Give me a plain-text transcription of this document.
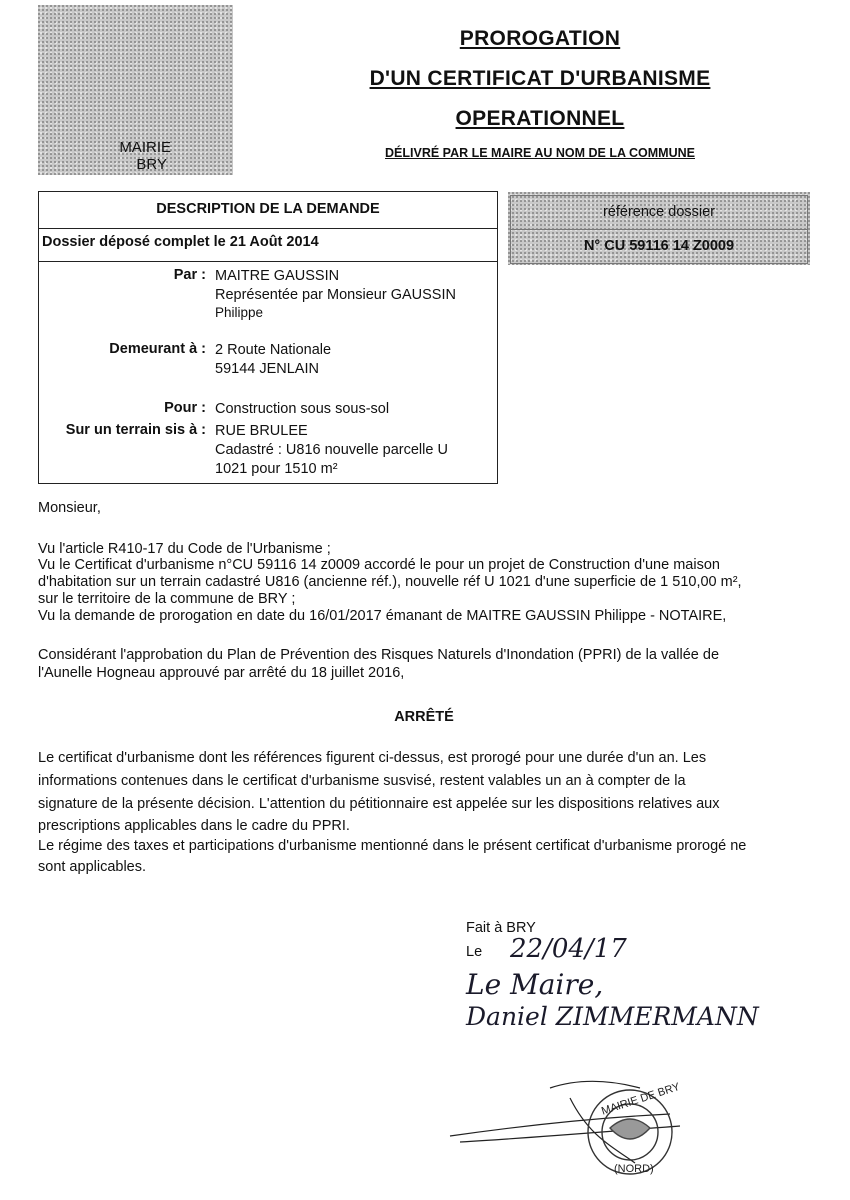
MAIRIE
BRY
PROROGATION
D'UN CERTIFICAT D'URBANISME
OPERATIONNEL
DÉLIVRÉ PAR LE MAIRE AU NOM DE LA COMMUNE
DESCRIPTION DE LA DEMANDE
Dossier déposé complet le 21 Août 2014
Par : MAITRE GAUSSIN
Représentée par Monsieur GAUSSIN
Philippe
Demeurant à : 2 Route Nationale
59144 JENLAIN
Pour : Construction sous sous-sol
Sur un terrain sis à : RUE BRULEE
Cadastré : U816 nouvelle parcelle U
1021 pour 1510 m²
référence dossier
N° CU 59116 14 Z0009
Monsieur,
Vu l'article R410-17 du Code de l'Urbanisme ;
Vu le Certificat d'urbanisme n°CU 59116 14 z0009 accordé le pour un projet de Construction d'une maison
d'habitation sur un terrain cadastré U816 (ancienne réf.), nouvelle réf U 1021 d'une superficie de 1 510,00 m²,
sur le territoire de la commune de BRY ;
Vu la demande de prorogation en date du 16/01/2017 émanant de MAITRE GAUSSIN Philippe - NOTAIRE,
Considérant l'approbation du Plan de Prévention des Risques Naturels d'Inondation (PPRI) de la vallée de
l'Aunelle Hogneau approuvé par arrêté du 18 juillet 2016,
ARRÊTÉ
Le certificat d'urbanisme dont les références figurent ci-dessus, est prorogé pour une durée d'un an. Les
informations contenues dans le certificat d'urbanisme susvisé, restent valables un an à compter de la
signature de la présente décision. L'attention du pétitionnaire est appelée sur les dispositions relatives aux
prescriptions applicables dans le cadre du PPRI.
Le régime des taxes et participations d'urbanisme mentionné dans le présent certificat d'urbanisme prorogé ne
sont applicables.
Fait à BRY
Le 22/04/17
Le Maire,
Daniel ZIMMERMANN
MAIRIE DE BRY
(NORD)
